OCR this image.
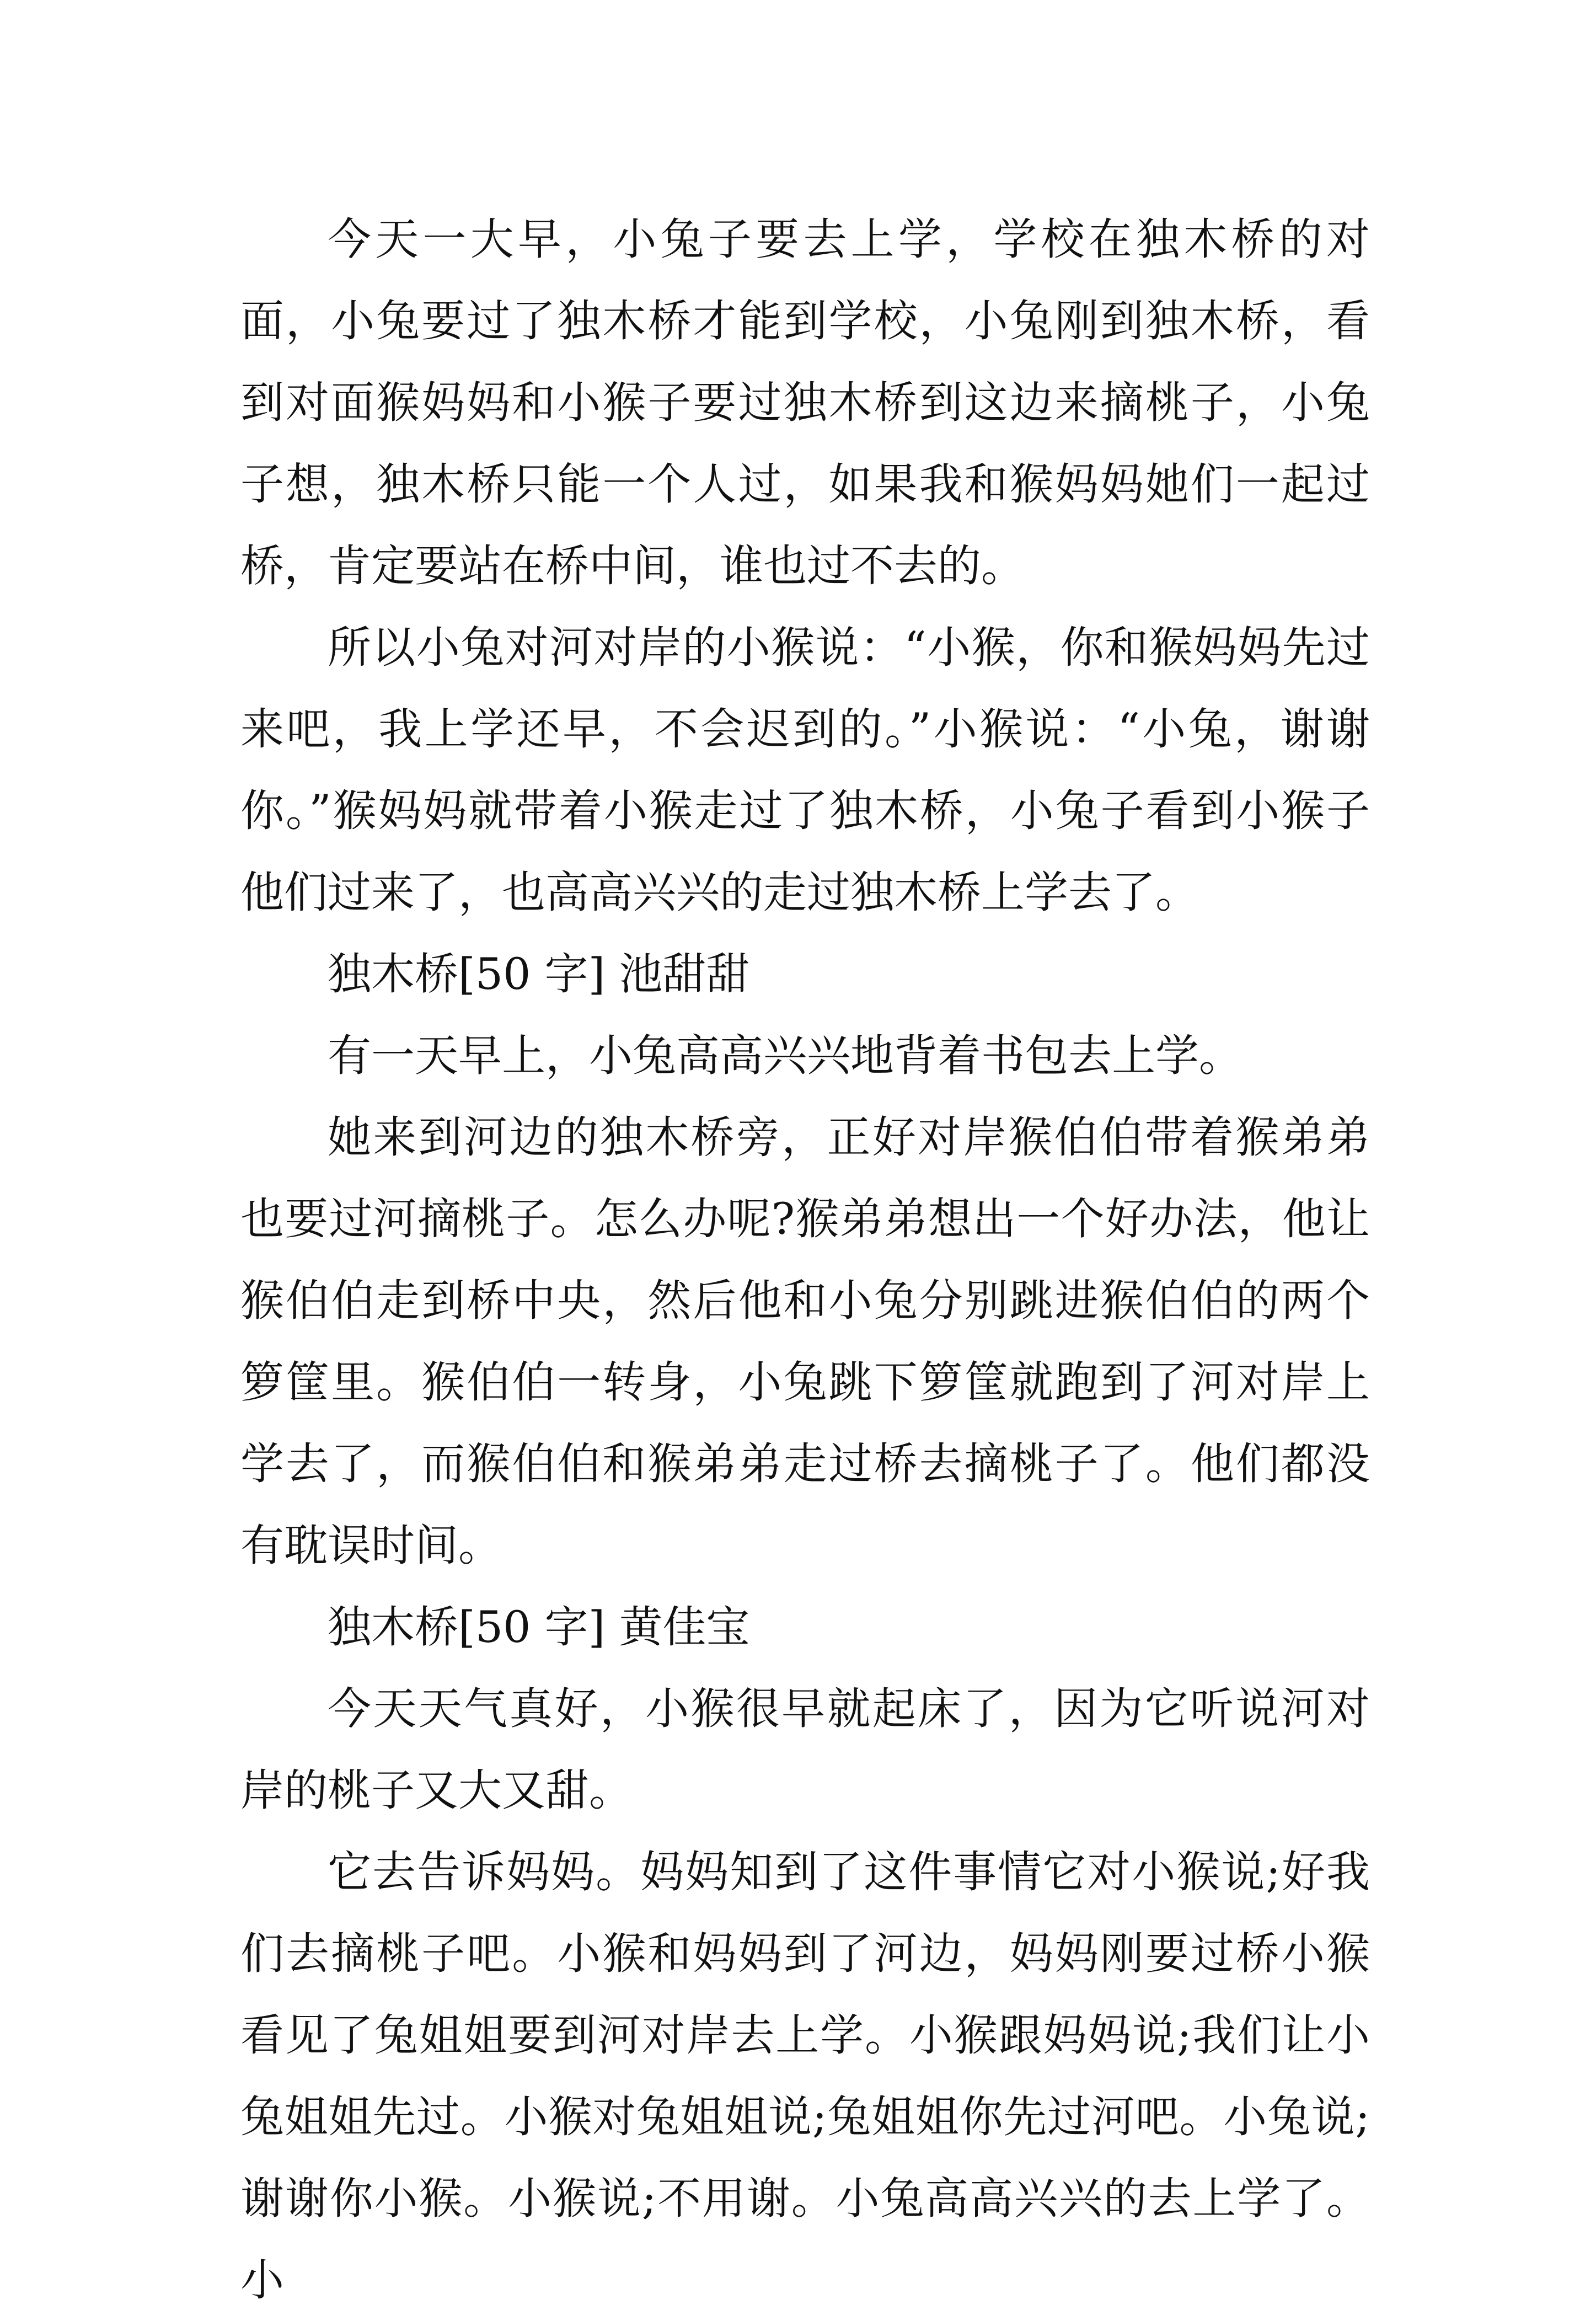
今天一大早，小兔子要去上学，学校在独木桥的对面，小兔要过了独木桥才能到学校，小兔刚到独木桥，看到对面猴妈妈和小猴子要过独木桥到这边来摘桃子，小兔子想，独木桥只能一个人过，如果我和猴妈妈她们一起过桥，肯定要站在桥中间，谁也过不去的。

所以小兔对河对岸的小猴说：“小猴，你和猴妈妈先过来吧，我上学还早，不会迟到的。”小猴说：“小兔，谢谢你。”猴妈妈就带着小猴走过了独木桥，小兔子看到小猴子他们过来了，也高高兴兴的走过独木桥上学去了。

独木桥[50 字] 池甜甜

有一天早上，小兔高高兴兴地背着书包去上学。

她来到河边的独木桥旁，正好对岸猴伯伯带着猴弟弟也要过河摘桃子。怎么办呢?猴弟弟想出一个好办法，他让猴伯伯走到桥中央，然后他和小兔分别跳进猴伯伯的两个箩筐里。猴伯伯一转身，小兔跳下箩筐就跑到了河对岸上学去了，而猴伯伯和猴弟弟走过桥去摘桃子了。他们都没有耽误时间。

独木桥[50 字] 黄佳宝

今天天气真好，小猴很早就起床了，因为它听说河对岸的桃子又大又甜。

它去告诉妈妈。妈妈知到了这件事情它对小猴说;好我们去摘桃子吧。小猴和妈妈到了河边，妈妈刚要过桥小猴看见了兔姐姐要到河对岸去上学。小猴跟妈妈说;我们让小兔姐姐先过。小猴对兔姐姐说;兔姐姐你先过河吧。小兔说;谢谢你小猴。小猴说;不用谢。小兔高高兴兴的去上学了。小
